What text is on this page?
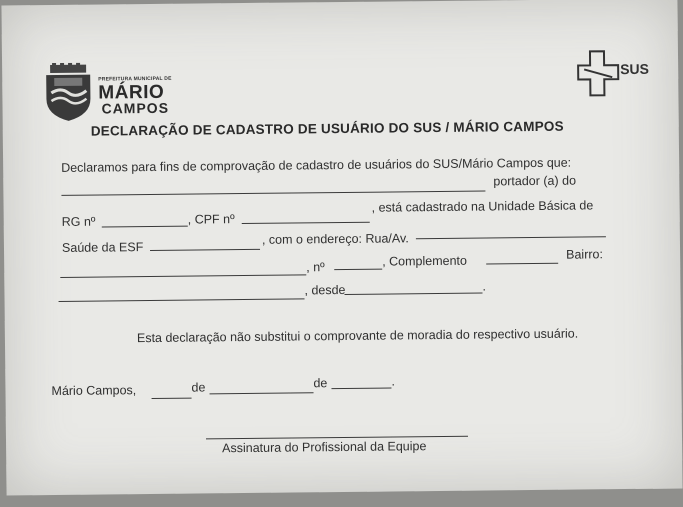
PREFEITURA MUNICIPAL DE
MÁRIO
CAMPOS
SUS
DECLARAÇÃO DE CADASTRO DE USUÁRIO DO SUS / MÁRIO CAMPOS
Declaramos para fins de comprovação de cadastro de usuários do SUS/Mário Campos que:
portador (a) do
RG nº	, CPF nº
, está cadastrado na Unidade Básica de
Saúde da ESF
, com o endereço: Rua/Av.
, nº	, Complemento	Bairro:
, desde	.
Esta declaração não substitui o comprovante de moradia do respectivo usuário.
Mário Campos,	de	de	.
Assinatura do Profissional da Equipe
